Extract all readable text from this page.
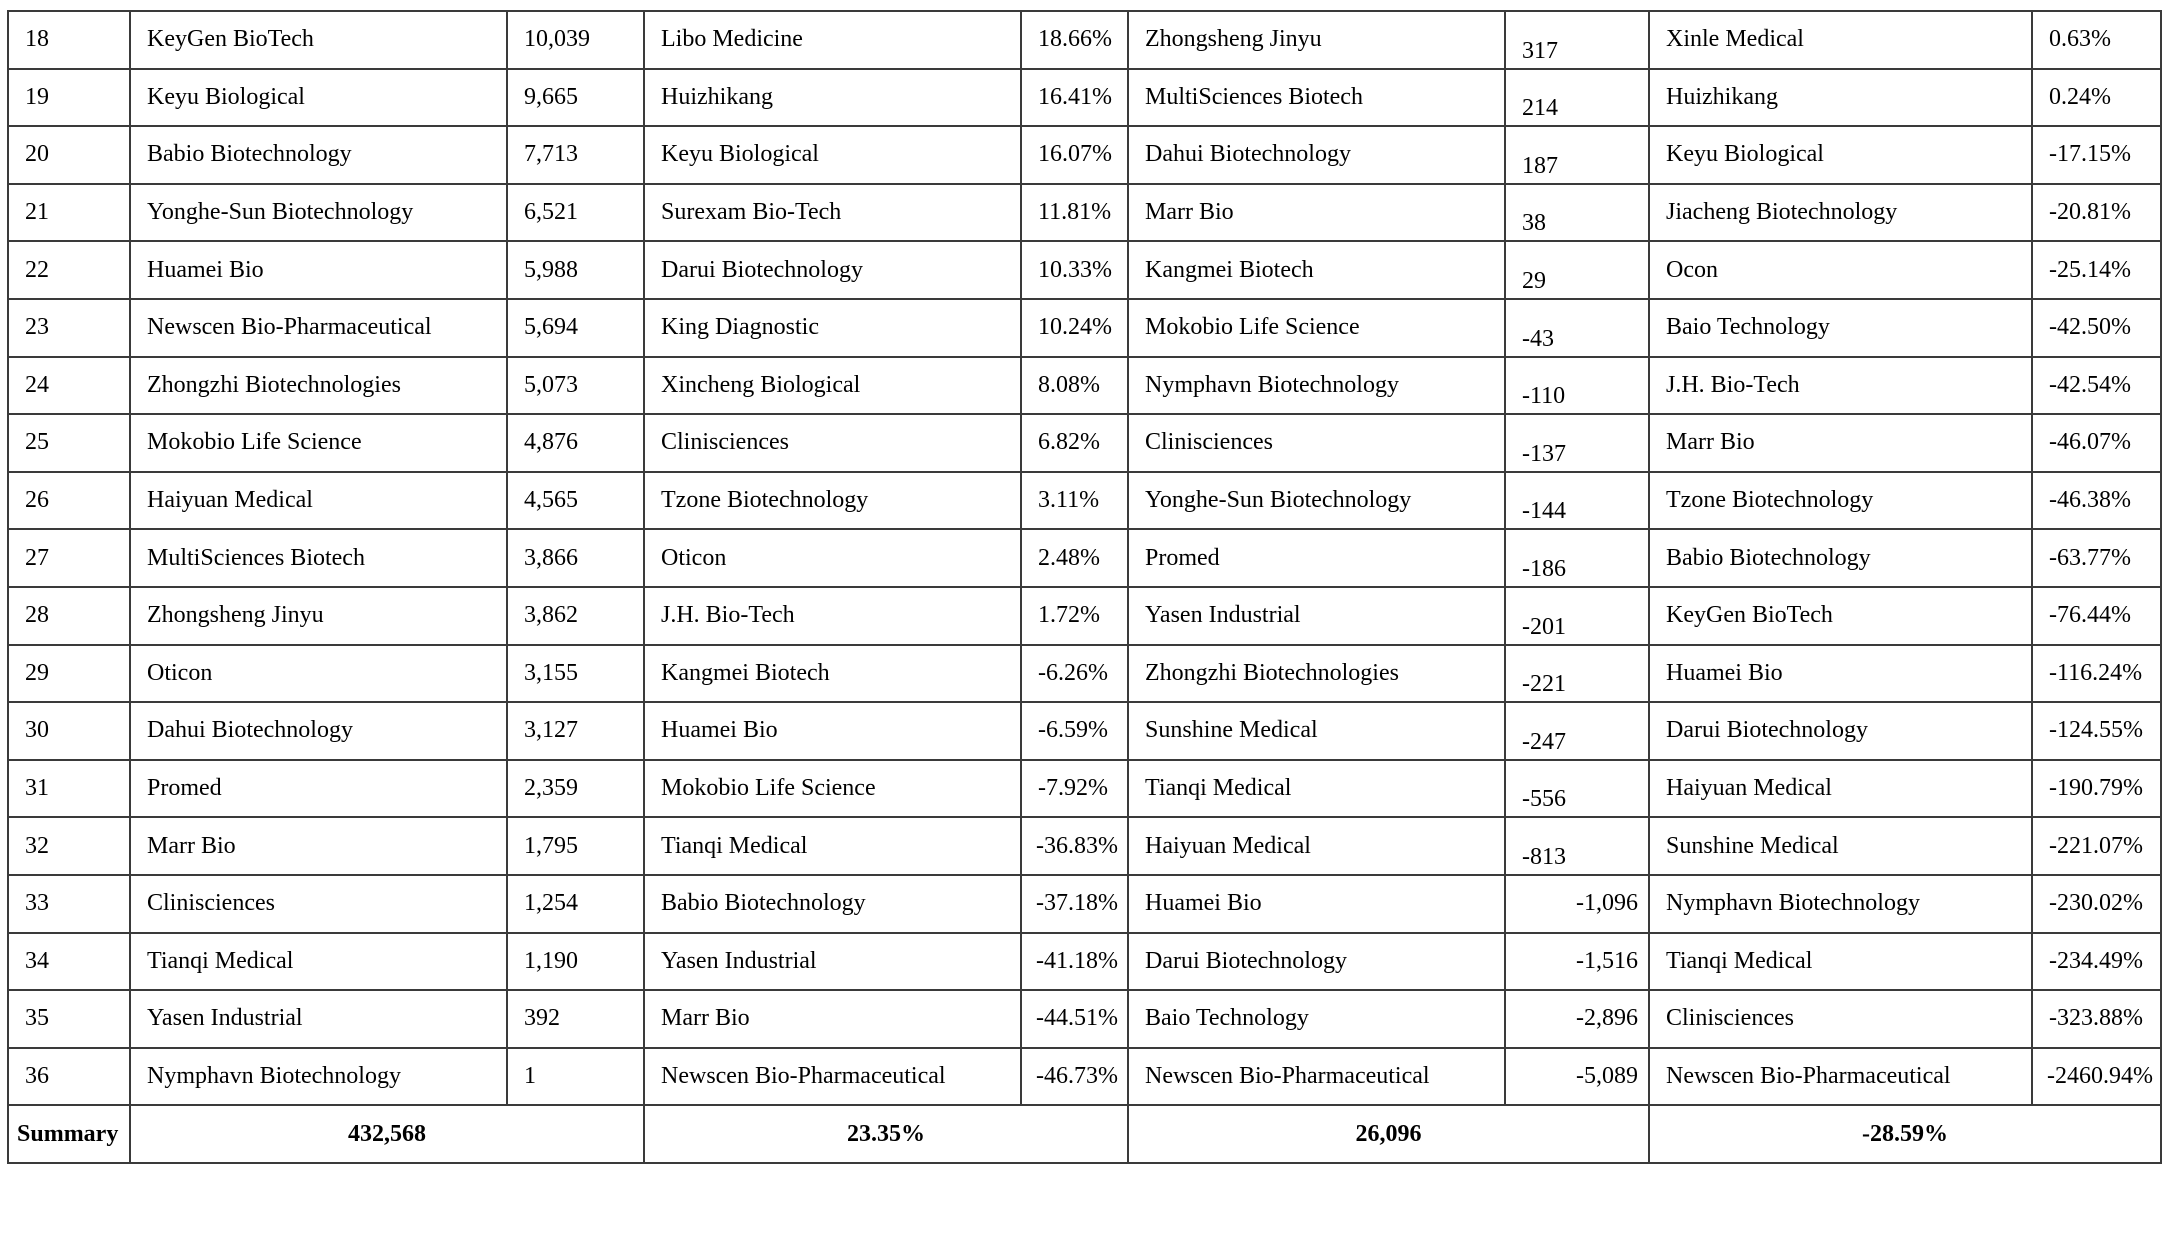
18	KeyGen BioTech	10,039	Libo Medicine	18.66%	Zhongsheng Jinyu	317	Xinle Medical	0.63%
19	Keyu Biological	9,665	Huizhikang	16.41%	MultiSciences Biotech	214	Huizhikang	0.24%
20	Babio Biotechnology	7,713	Keyu Biological	16.07%	Dahui Biotechnology	187	Keyu Biological	-17.15%
21	Yonghe-Sun Biotechnology	6,521	Surexam Bio-Tech	11.81%	Marr Bio	38	Jiacheng Biotechnology	-20.81%
22	Huamei Bio	5,988	Darui Biotechnology	10.33%	Kangmei Biotech	29	Ocon	-25.14%
23	Newscen Bio-Pharmaceutical	5,694	King Diagnostic	10.24%	Mokobio Life Science	-43	Baio Technology	-42.50%
24	Zhongzhi Biotechnologies	5,073	Xincheng Biological	8.08%	Nymphavn Biotechnology	-110	J.H. Bio-Tech	-42.54%
25	Mokobio Life Science	4,876	Clinisciences	6.82%	Clinisciences	-137	Marr Bio	-46.07%
26	Haiyuan Medical	4,565	Tzone Biotechnology	3.11%	Yonghe-Sun Biotechnology	-144	Tzone Biotechnology	-46.38%
27	MultiSciences Biotech	3,866	Oticon	2.48%	Promed	-186	Babio Biotechnology	-63.77%
28	Zhongsheng Jinyu	3,862	J.H. Bio-Tech	1.72%	Yasen Industrial	-201	KeyGen BioTech	-76.44%
29	Oticon	3,155	Kangmei Biotech	-6.26%	Zhongzhi Biotechnologies	-221	Huamei Bio	-116.24%
30	Dahui Biotechnology	3,127	Huamei Bio	-6.59%	Sunshine Medical	-247	Darui Biotechnology	-124.55%
31	Promed	2,359	Mokobio Life Science	-7.92%	Tianqi Medical	-556	Haiyuan Medical	-190.79%
32	Marr Bio	1,795	Tianqi Medical	-36.83%	Haiyuan Medical	-813	Sunshine Medical	-221.07%
33	Clinisciences	1,254	Babio Biotechnology	-37.18%	Huamei Bio	-1,096	Nymphavn Biotechnology	-230.02%
34	Tianqi Medical	1,190	Yasen Industrial	-41.18%	Darui Biotechnology	-1,516	Tianqi Medical	-234.49%
35	Yasen Industrial	392	Marr Bio	-44.51%	Baio Technology	-2,896	Clinisciences	-323.88%
36	Nymphavn Biotechnology	1	Newscen Bio-Pharmaceutical	-46.73%	Newscen Bio-Pharmaceutical	-5,089	Newscen Bio-Pharmaceutical	-2460.94%
Summary	432,568		23.35%		26,096		-28.59%	
